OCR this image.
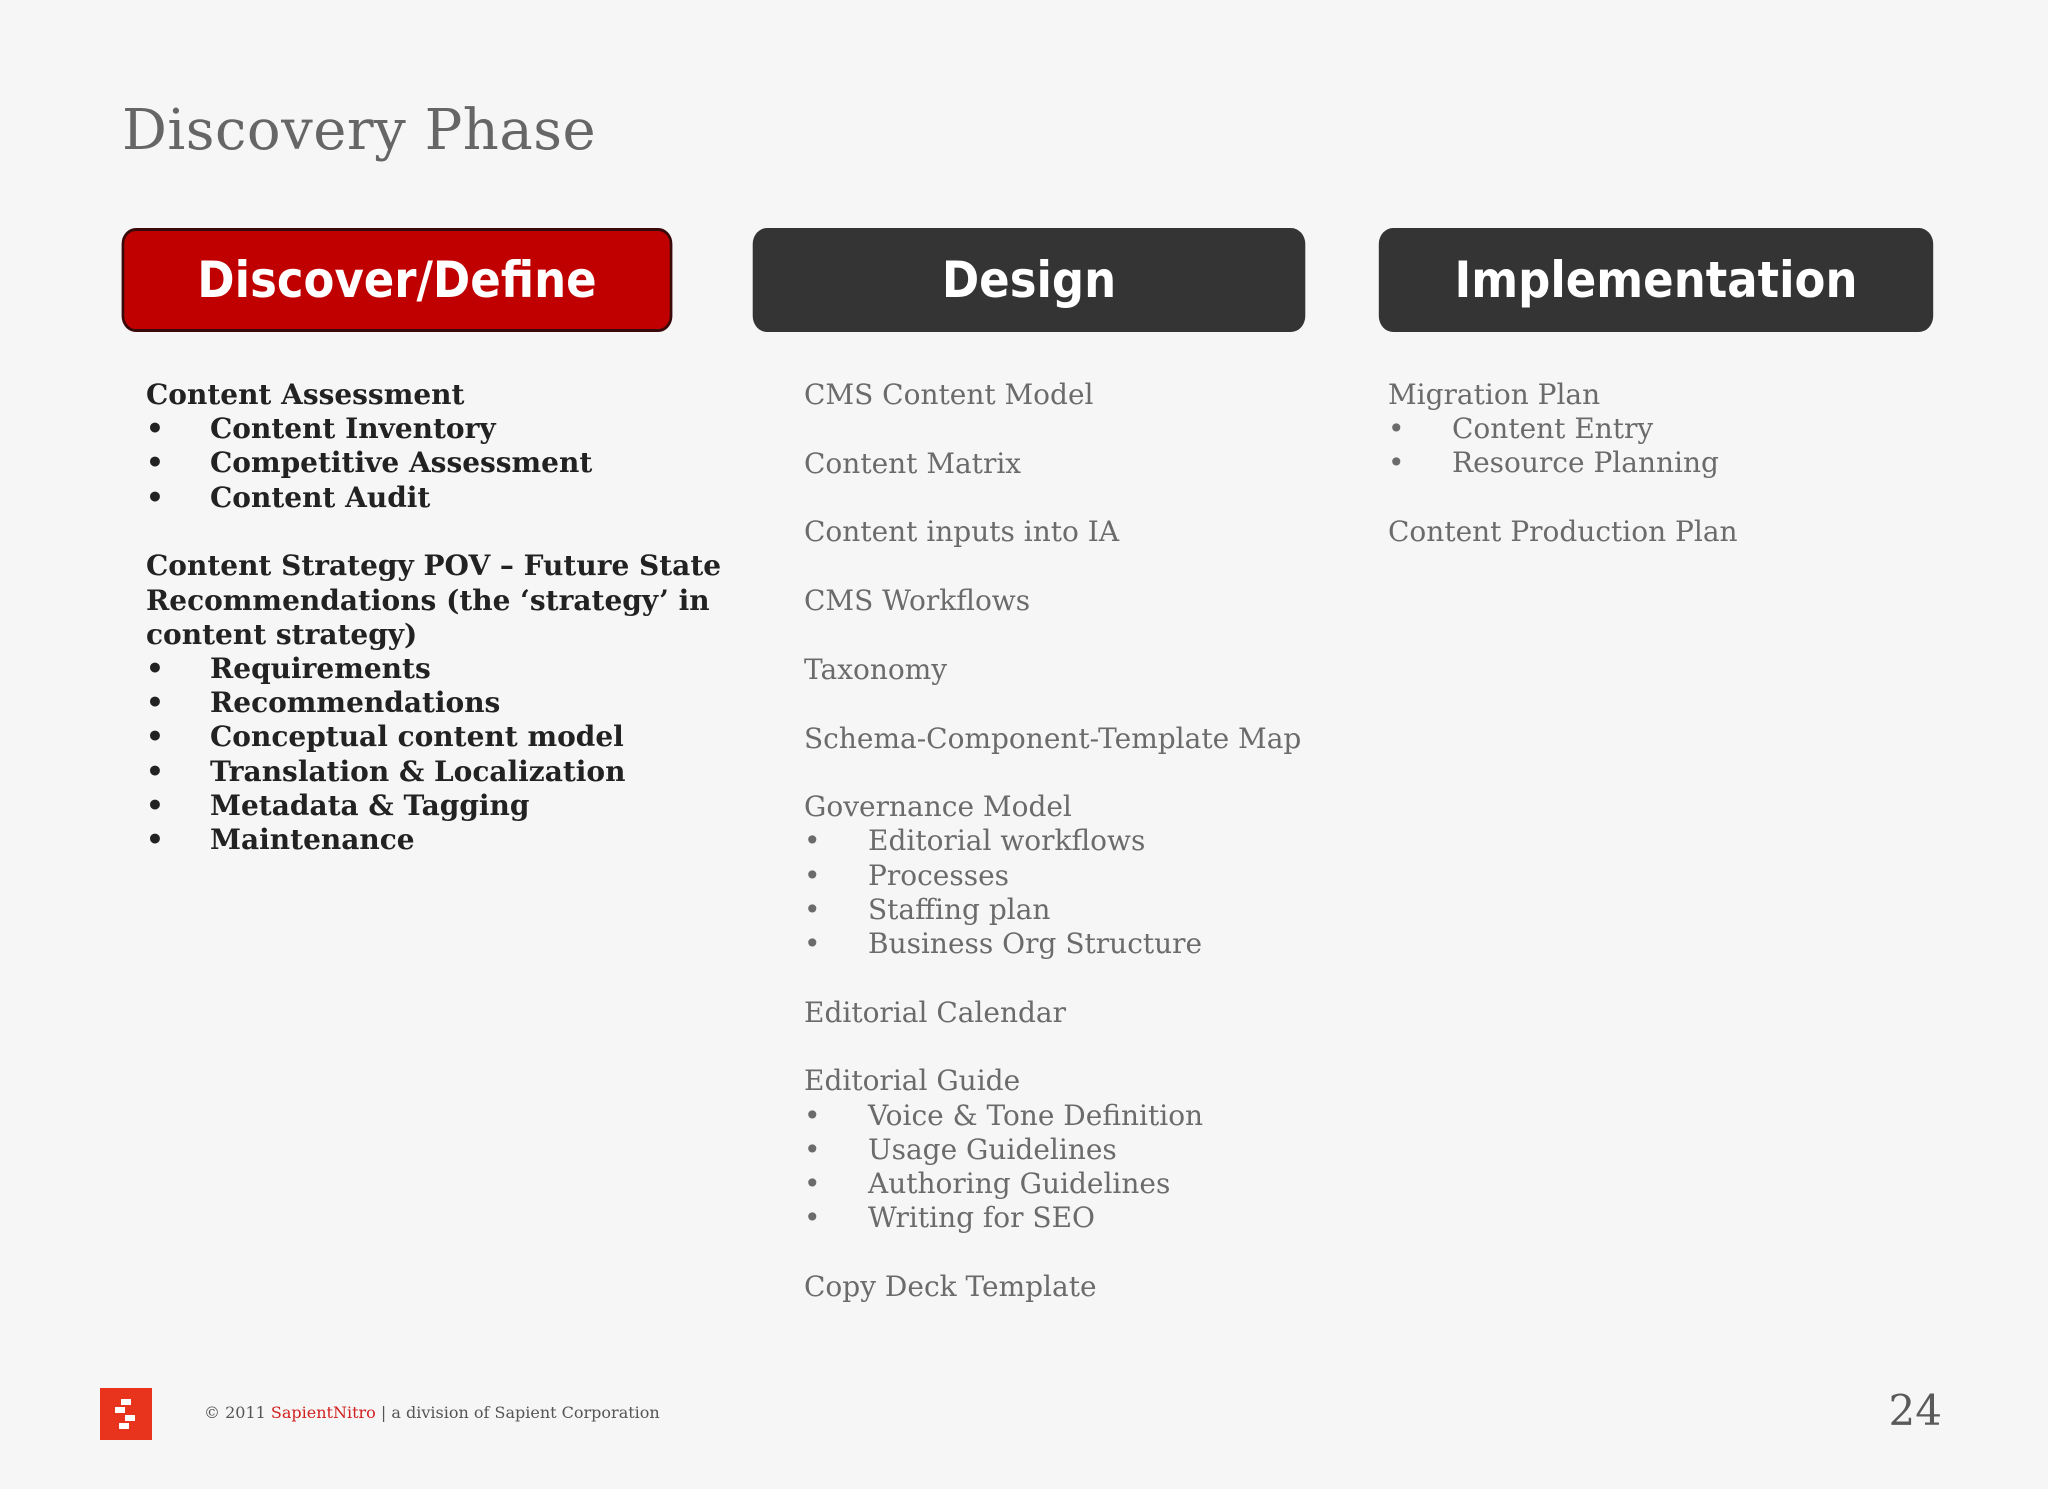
Discovery Phase
Discover/Define	Design	Implementation
Content Assessment
•	Content Inventory
•	Competitive Assessment
•	Content Audit
Content Strategy POV – Future State Recommendations (the ‘strategy’ in content strategy)
•	Requirements
•	Recommendations
•	Conceptual content model
•	Translation & Localization
•	Metadata & Tagging
•	Maintenance
CMS Content Model
Content Matrix
Content inputs into IA
CMS Workflows
Taxonomy
Schema-Component-Template Map
Governance Model
•	Editorial workflows
•	Processes
•	Staffing plan
•	Business Org Structure
Editorial Calendar
Editorial Guide
•	Voice & Tone Definition
•	Usage Guidelines
•	Authoring Guidelines
•	Writing for SEO
Copy Deck Template
Migration Plan
•	Content Entry
•	Resource Planning
Content Production Plan
© 2011 SapientNitro | a division of Sapient Corporation	24
